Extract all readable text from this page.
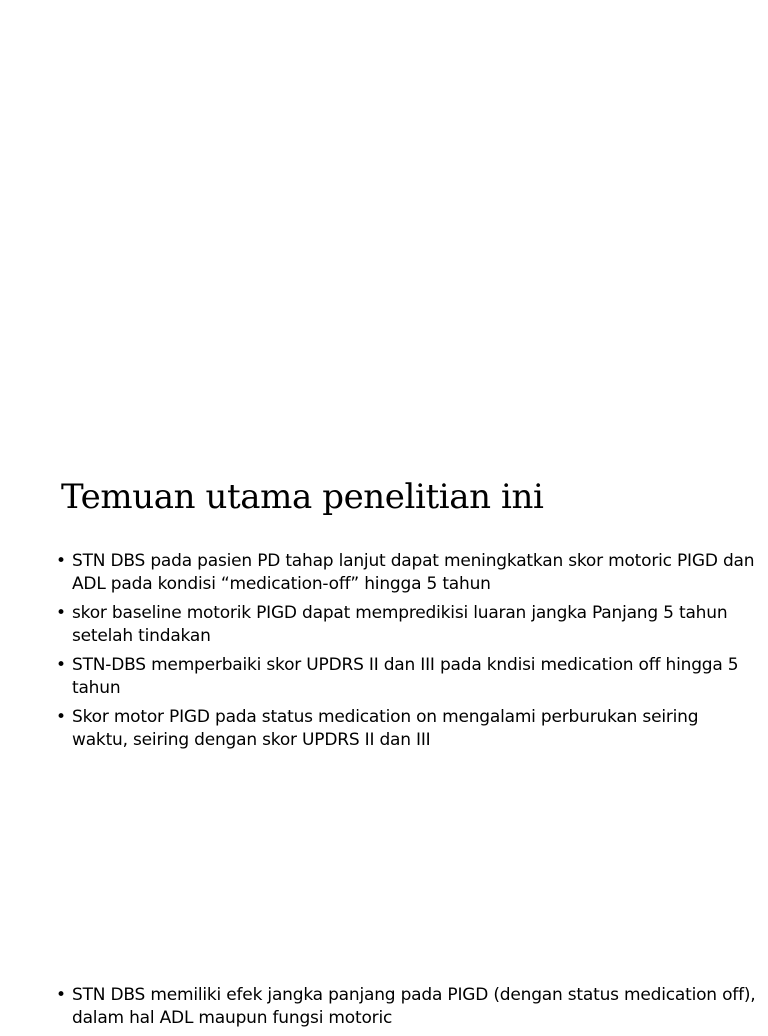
Temuan utama penelitian ini
• STN DBS pada pasien PD tahap lanjut dapat meningkatkan skor motoric PIGD dan ADL pada kondisi “medication-off” hingga 5 tahun
• skor baseline motorik PIGD dapat mempredikisi luaran jangka Panjang 5 tahun setelah tindakan
• STN-DBS memperbaiki skor UPDRS II dan III pada kndisi medication off hingga 5 tahun
• Skor motor PIGD pada status medication on mengalami perburukan seiring waktu, seiring dengan skor UPDRS II dan III
• STN DBS memiliki efek jangka panjang pada PIGD (dengan status medication off), dalam hal ADL maupun fungsi motoric
